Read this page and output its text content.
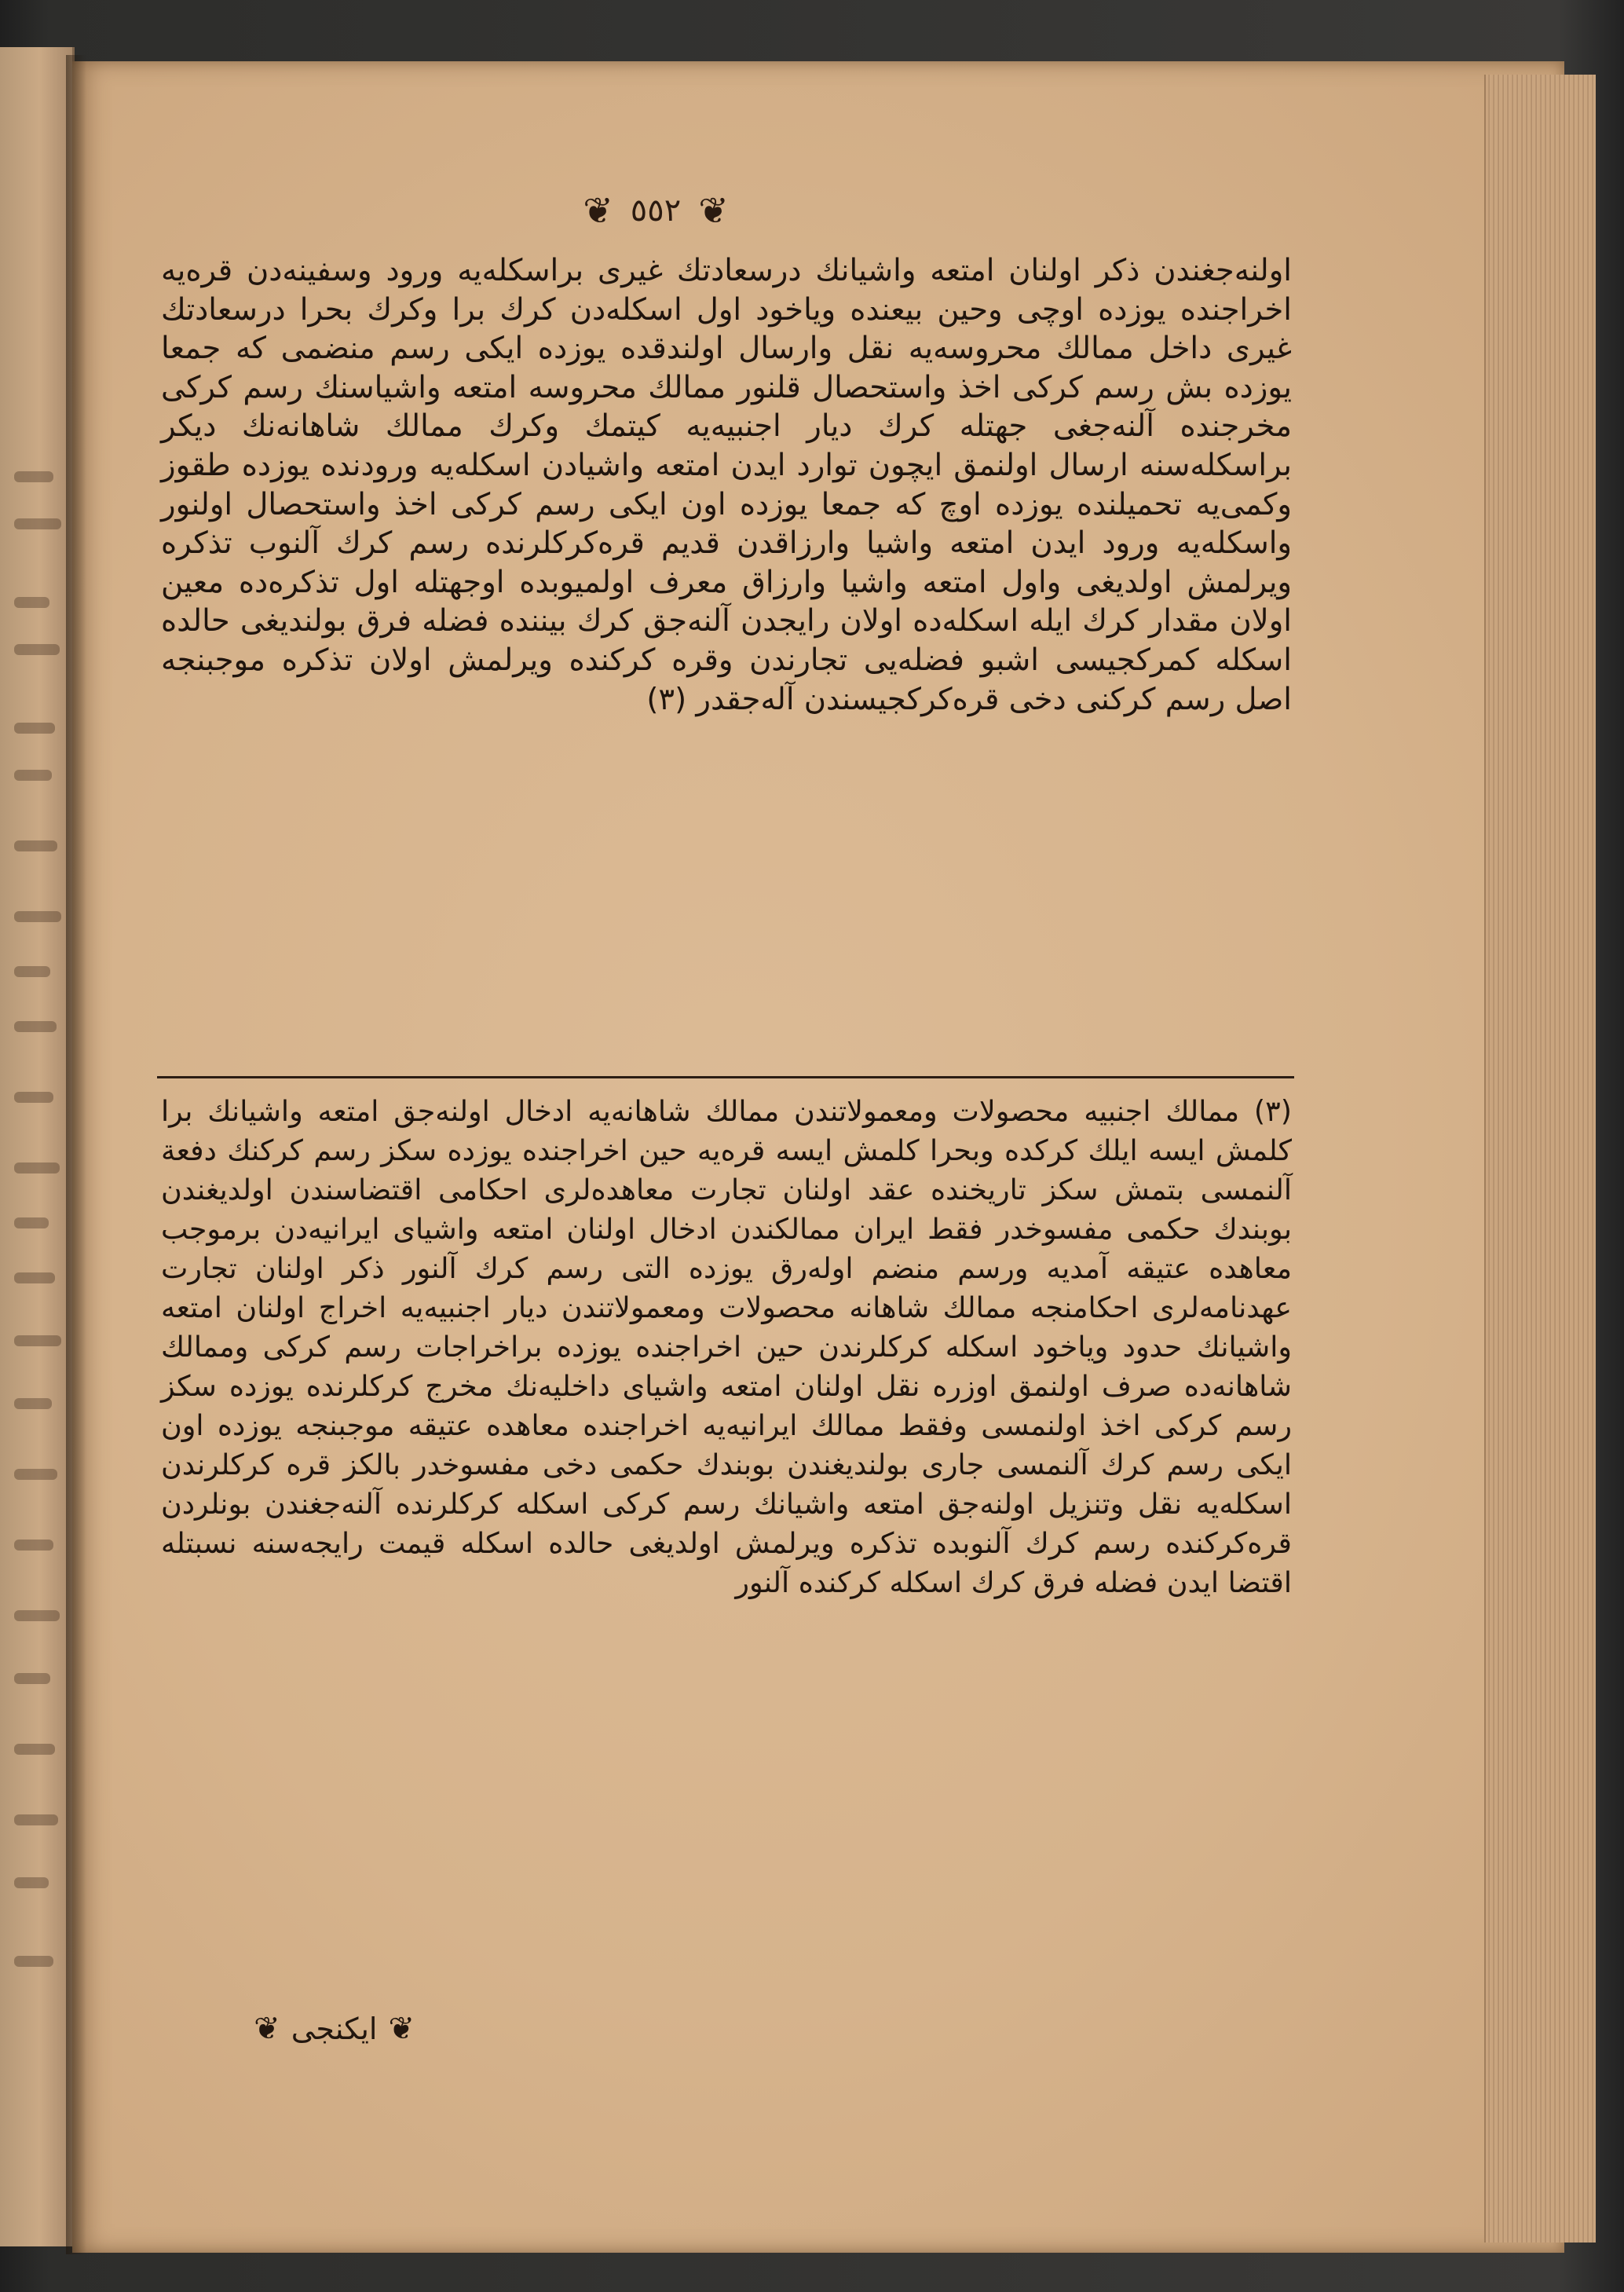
❦ ٥٥٢ ❦

اولنه‌جغندن ذکر اولنان امتعه واشیانك درسعادتك غیری براسكله‌یه ورود وسفینه‌دن قره‌یه اخراجنده یوزده اوچی وحین بیعنده ویاخود اول اسكله‌دن كرك برا وكرك بحرا درسعادتك غیری داخل ممالك محروسه‌یه نقل وارسال اولندقده یوزده ایكی رسم منضمی كه جمعا یوزده بش رسم كركی اخذ واستحصال قلنور ممالك محروسه امتعه واشیاسنك رسم كركی مخرجنده آلنه‌جغی جهتله كرك دیار اجنبیه‌یه كیتمك وكرك ممالك شاهانه‌نك دیكر براسكله‌سنه ارسال اولنمق ایچون توارد ایدن امتعه واشیادن اسكله‌یه ورودنده یوزده طقوز وكمی‌یه تحمیلنده یوزده اوچ كه جمعا یوزده اون ایكی رسم كركی اخذ واستحصال اولنور واسكله‌یه ورود ایدن امتعه واشیا وارزاقدن قدیم قره‌كركلرنده رسم كرك آلنوب تذكره ویرلمش اولدیغی واول امتعه واشیا وارزاق معرف اولمیوبده اوجهتله اول تذكره‌ده معین اولان مقدار كرك ایله اسكله‌ده اولان رایجدن آلنه‌جق كرك بیننده فضله فرق بولندیغی حالده اسكله كمركجیسی اشبو فضله‌یی تجارندن وقره كركنده ویرلمش اولان تذكره موجبنجه اصل رسم كركنی دخی قره‌كركجیسندن آله‌جقدر (٣)

(٣) ممالك اجنبیه محصولات ومعمولاتندن ممالك شاهانه‌یه ادخال اولنه‌جق امتعه واشیانك برا كلمش ایسه ایلك كركده وبحرا كلمش ایسه قره‌یه حین اخراجنده یوزده سكز رسم كركنك دفعة آلنمسی بتمش سكز تاریخنده عقد اولنان تجارت معاهده‌لری احكامی اقتضاسندن اولدیغندن بوبندك حكمی مفسوخدر فقط ایران ممالكندن ادخال اولنان امتعه واشیای ایرانیه‌دن برموجب معاهده عتیقه آمدیه ورسم منضم اوله‌رق یوزده التی رسم كرك آلنور ذكر اولنان تجارت عهدنامه‌لری احكامنجه ممالك شاهانه محصولات ومعمولاتندن دیار اجنبیه‌یه اخراج اولنان امتعه واشیانك حدود ویاخود اسكله كركلرندن حین اخراجنده یوزده براخراجات رسم كركی وممالك شاهانه‌ده صرف اولنمق اوزره نقل اولنان امتعه واشیای داخلیه‌نك مخرج كركلرنده یوزده سكز رسم كركی اخذ اولنمسی وفقط ممالك ایرانیه‌یه اخراجنده معاهده عتیقه موجبنجه یوزده اون ایكی رسم كرك آلنمسی جاری بولندیغندن بوبندك حكمی دخی مفسوخدر بالكز قره كركلرندن اسكله‌یه نقل وتنزیل اولنه‌جق امتعه واشیانك رسم كركی اسكله كركلرنده آلنه‌جغندن بونلردن قره‌كركنده رسم كرك آلنوبده تذكره ویرلمش اولدیغی حالده اسكله قیمت رایجه‌سنه نسبتله اقتضا ایدن فضله فرق كرك اسكله كركنده آلنور

❦
ایكنجی
❦
